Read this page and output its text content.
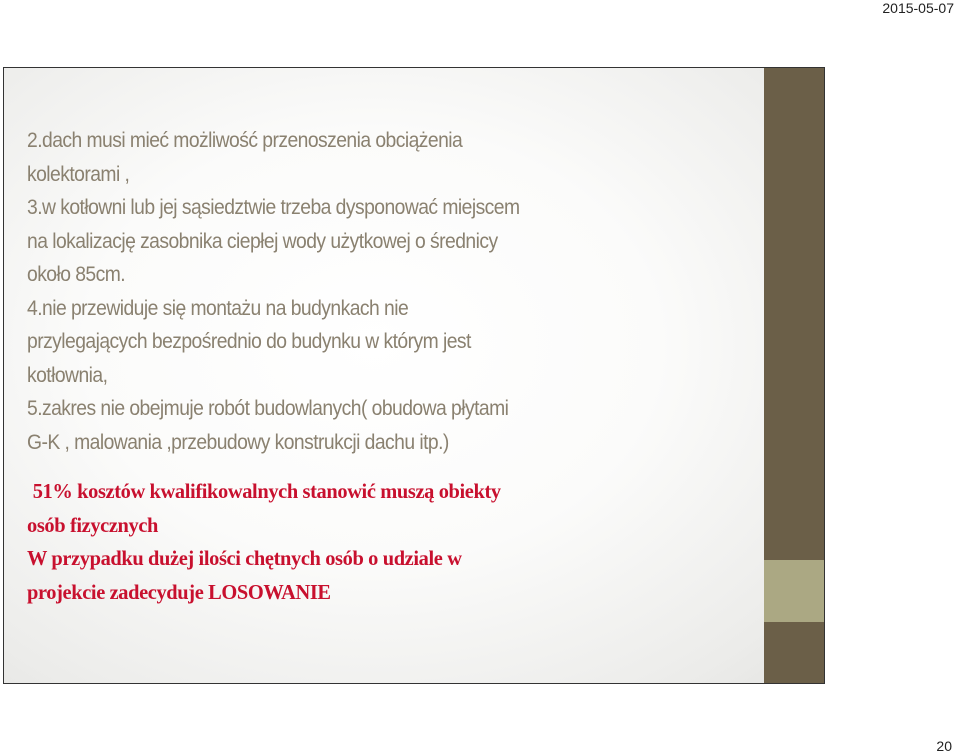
2015-05-07
2.dach musi mieć możliwość przenoszenia obciążenia
kolektorami ,
3.w kotłowni lub jej sąsiedztwie trzeba dysponować miejscem
na lokalizację zasobnika ciepłej wody użytkowej o średnicy
około 85cm.
4.nie przewiduje się montażu na budynkach nie
przylegających bezpośrednio do budynku w którym jest
kotłownia,
5.zakres nie obejmuje robót budowlanych( obudowa płytami
G-K , malowania ,przebudowy konstrukcji dachu itp.)

51% kosztów kwalifikowalnych stanowić muszą obiekty

osób fizycznych

W przypadku dużej ilości chętnych osób o udziale w

projekcie zadecyduje LOSOWANIE

20
